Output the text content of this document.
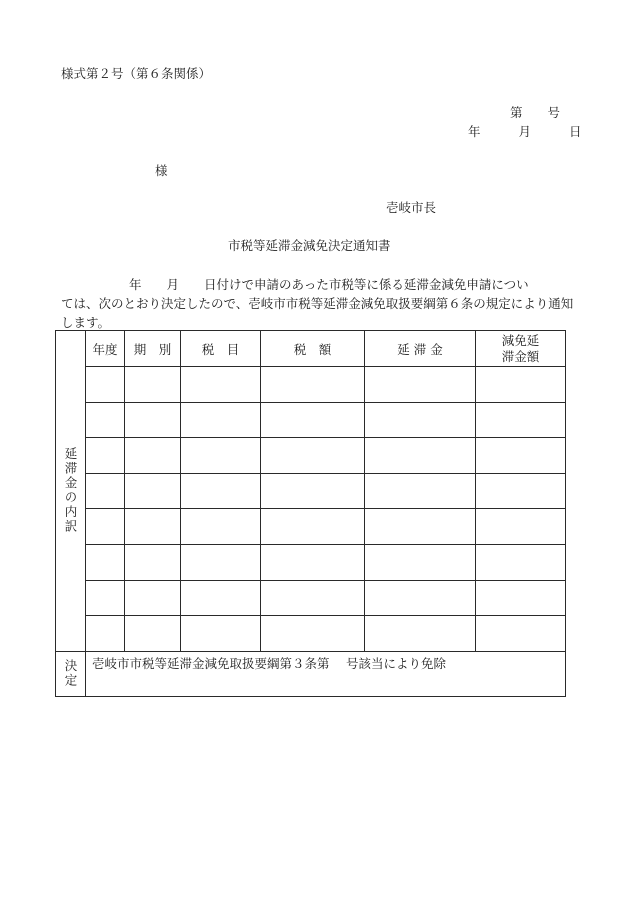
様式第２号（第６条関係）
第　　号
年	月	日
様
壱岐市長
市税等延滞金減免決定通知書
年　　月　　日付けで申請のあった市税等に係る延滞金減免申請につい
ては、次のとおり決定したので、壱岐市市税等延滞金減免取扱要綱第６条の規定により通知します。
延滞金の内訳	年度	期　別	税　目	税　額	延 滞 金	減免延
滞金額

決定	壱岐市市税等延滞金減免取扱要綱第３条第　 号該当により免除					
